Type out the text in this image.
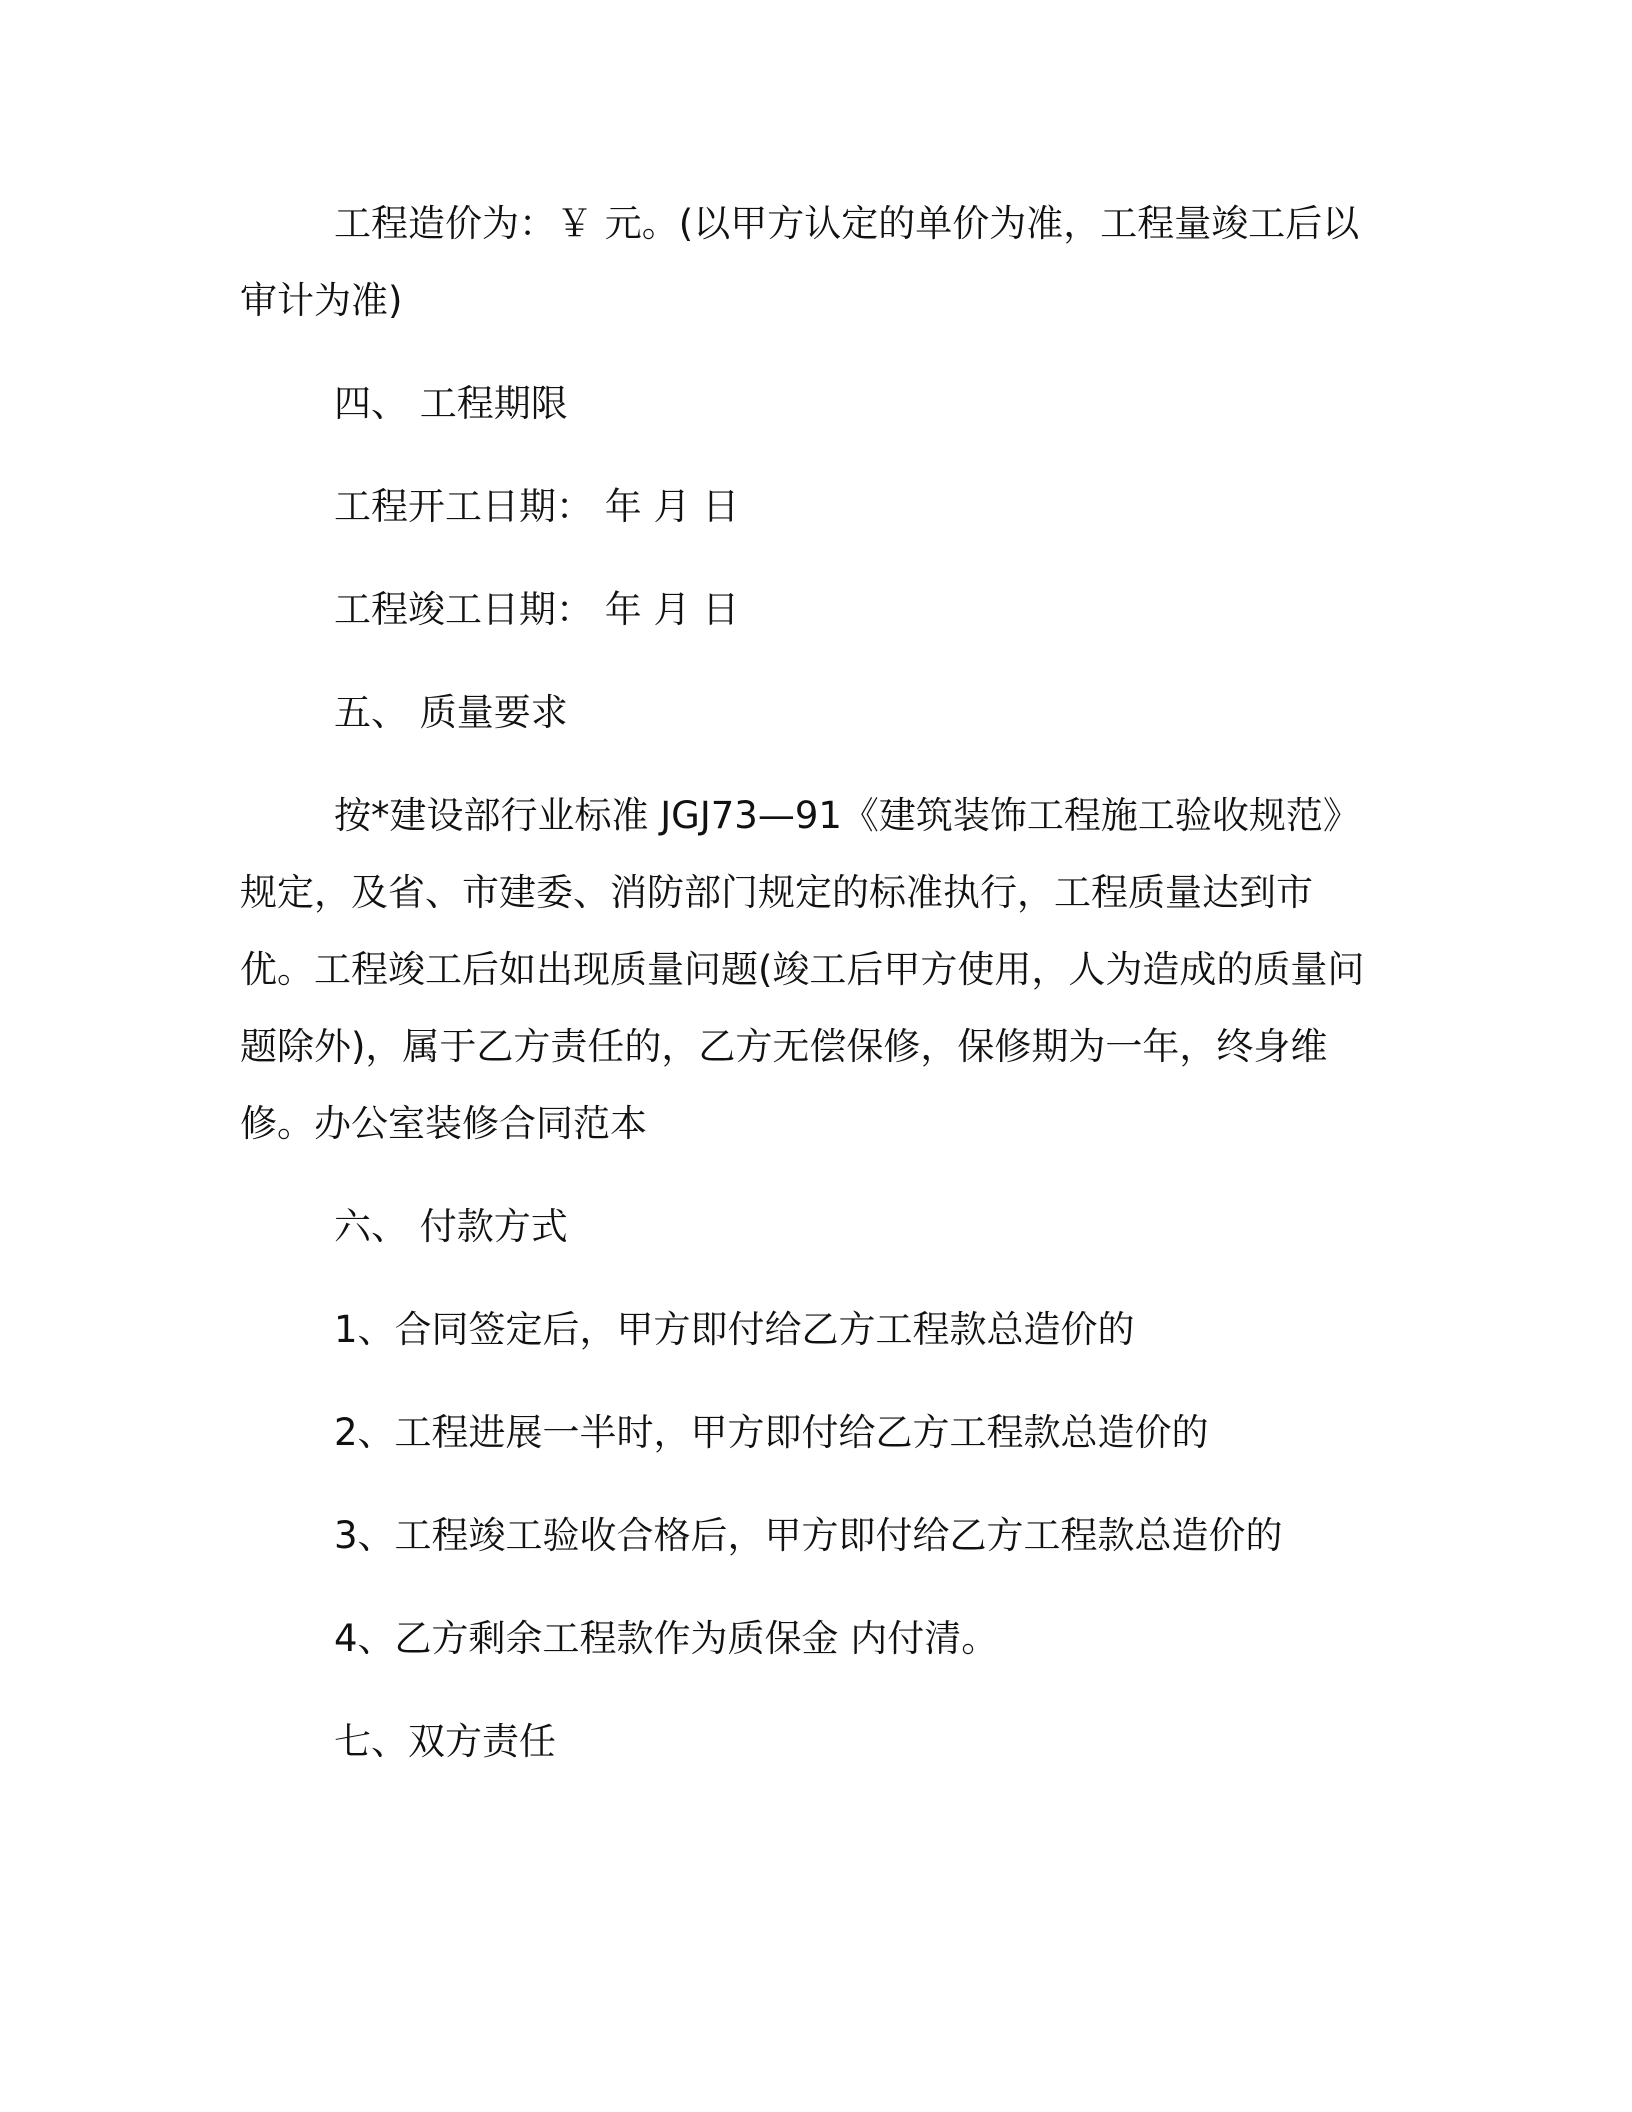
工程造价为：￥ 元。(以甲方认定的单价为准，工程量竣工后以审计为准)

四、 工程期限

工程开工日期： 年 月 日

工程竣工日期： 年 月 日

五、 质量要求

按*建设部行业标准 JGJ73—91《建筑装饰工程施工验收规范》规定，及省、市建委、消防部门规定的标准执行，工程质量达到市优。工程竣工后如出现质量问题(竣工后甲方使用，人为造成的质量问题除外)，属于乙方责任的，乙方无偿保修，保修期为一年，终身维修。办公室装修合同范本

六、 付款方式

1、合同签定后，甲方即付给乙方工程款总造价的

2、工程进展一半时，甲方即付给乙方工程款总造价的

3、工程竣工验收合格后，甲方即付给乙方工程款总造价的

4、乙方剩余工程款作为质保金 内付清。

七、双方责任
